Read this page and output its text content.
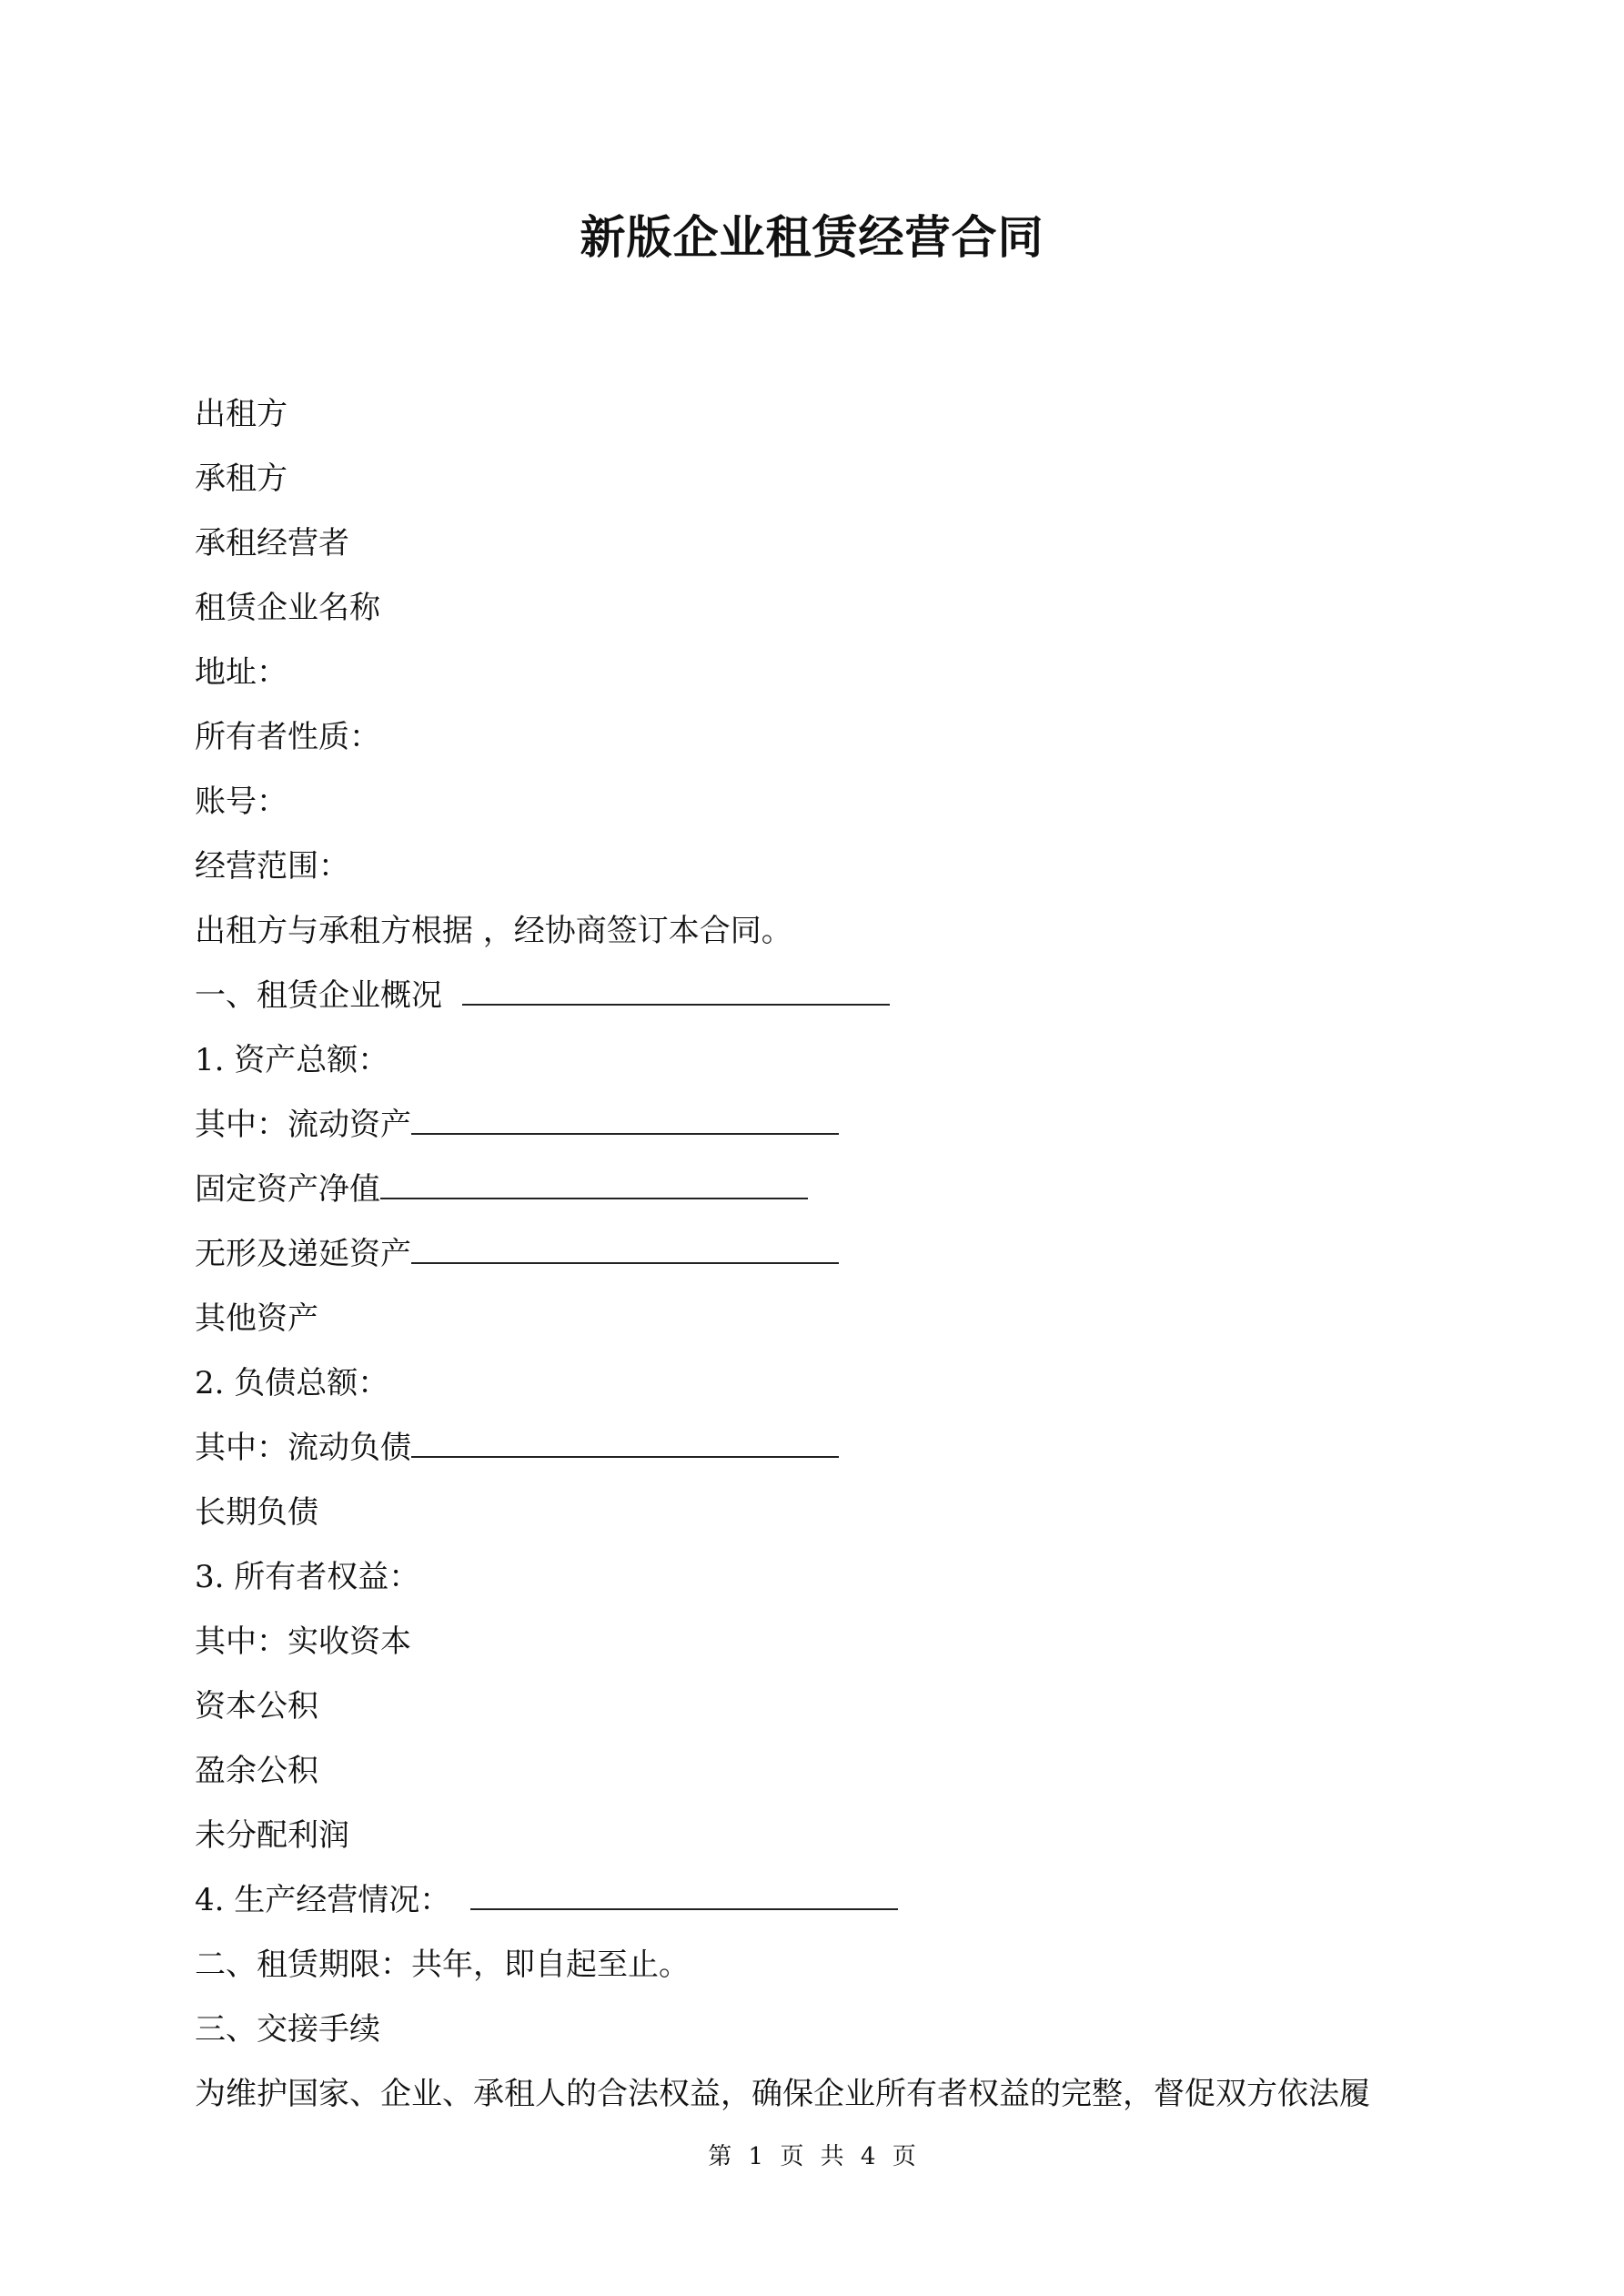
新版企业租赁经营合同
出租方
承租方
承租经营者
租赁企业名称
地址：
所有者性质：
账号：
经营范围：
出租方与承租方根据 ，经协商签订本合同。
一、租赁企业概况
1. 资产总额：
其中：流动资产
固定资产净值
无形及递延资产
其他资产
2. 负债总额：
其中：流动负债
长期负债
3. 所有者权益：
其中：实收资本
资本公积
盈余公积
未分配利润
4. 生产经营情况：
二、租赁期限：共年，即自起至止。
三、交接手续
为维护国家、企业、承租人的合法权益，确保企业所有者权益的完整，督促双方依法履
第 1 页 共 4 页
